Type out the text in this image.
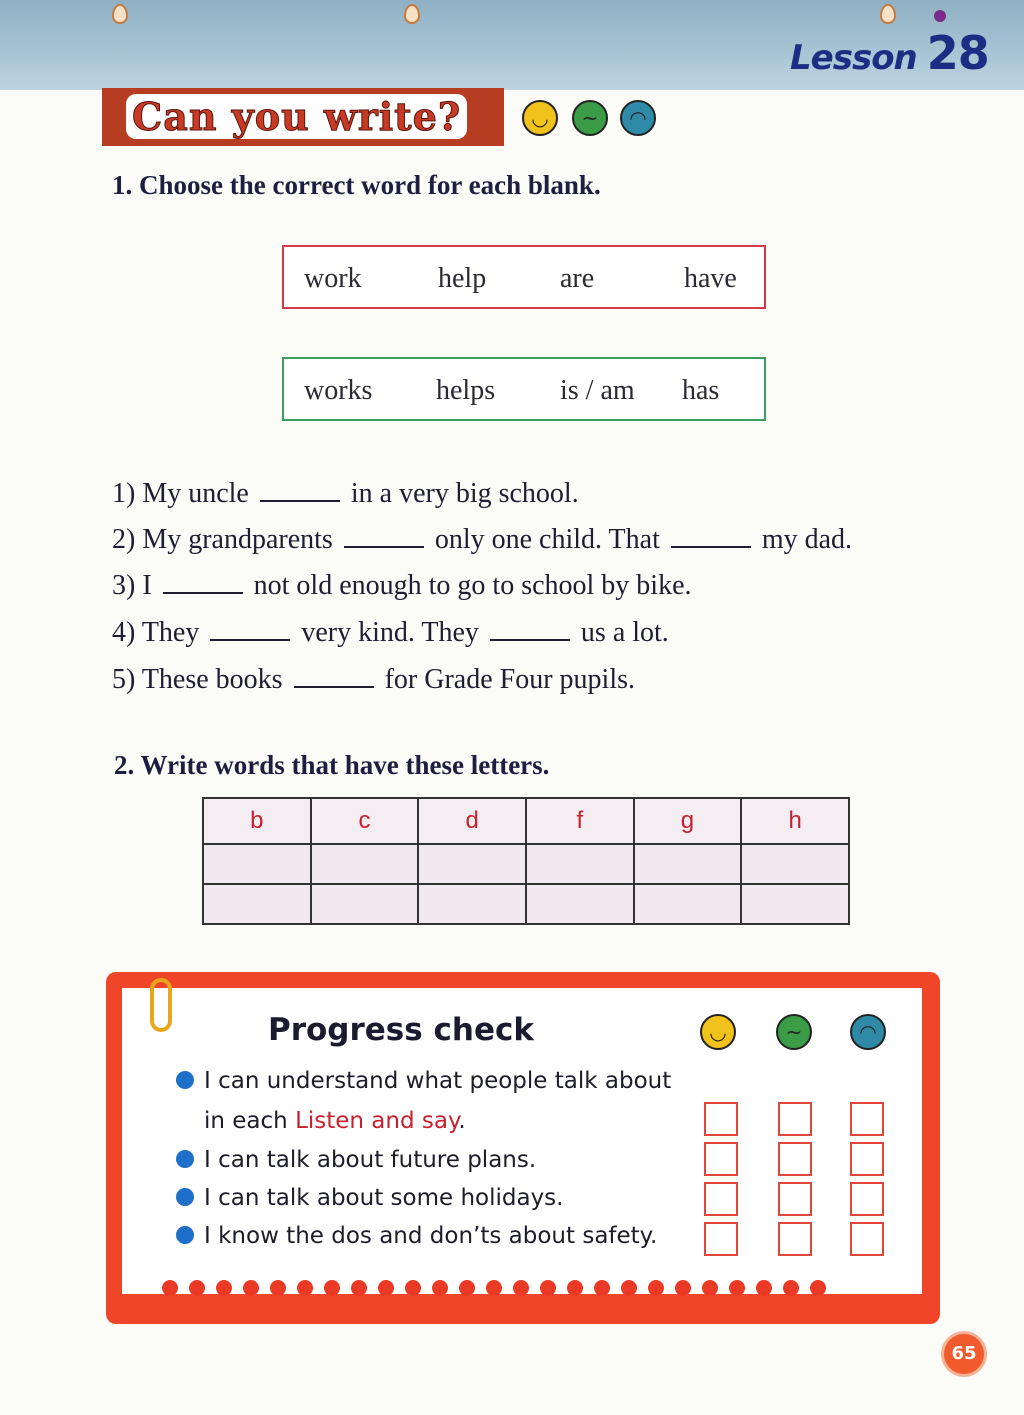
Lesson 28
Can you write?	◡	~	◠
1. Choose the correct word for each blank.
work	help	are	have
works helps is / am has
1) My uncle	in a very big school.
2) My grandparents	only one child. That	my dad.
3) I	not old enough to go to school by bike.
4) They	very kind. They	us a lot.
5) These books	for Grade Four pupils.
2. Write words that have these letters.
b	c	d	f	g	h

Progress check	◡	~	◠
I can understand what people talk about
in each Listen and say.
I can talk about future plans.
I can talk about some holidays.
I know the dos and don’ts about safety.
65
